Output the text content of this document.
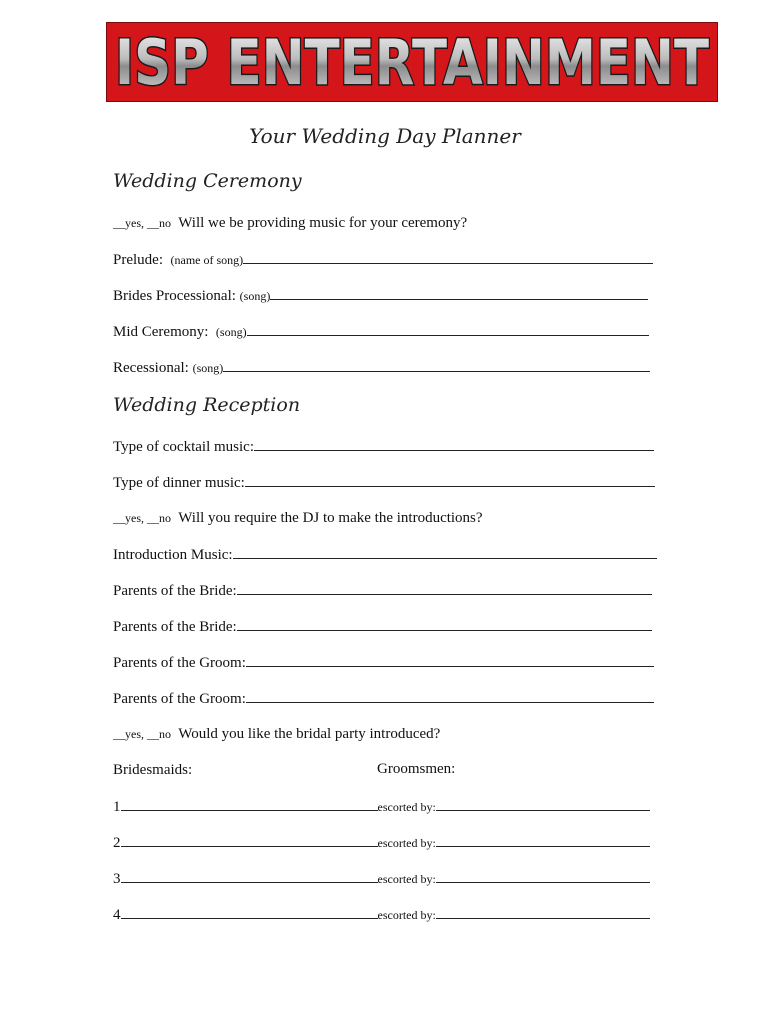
ISP ENTERTAINMENT
Your Wedding Day Planner
Wedding Ceremony
__yes, __no Will we be providing music for your ceremony?
Prelude: (name of song)
Brides Processional: (song)
Mid Ceremony: (song)
Recessional: (song)
Wedding Reception
Type of cocktail music:
Type of dinner music:
__yes, __no Will you require the DJ to make the introductions?
Introduction Music:
Parents of the Bride:
Parents of the Bride:
Parents of the Groom:
Parents of the Groom:
__yes, __no Would you like the bridal party introduced?
Bridesmaids:	Groomsmen:
1	escorted by:
2	escorted by:
3	escorted by:
4	escorted by:
